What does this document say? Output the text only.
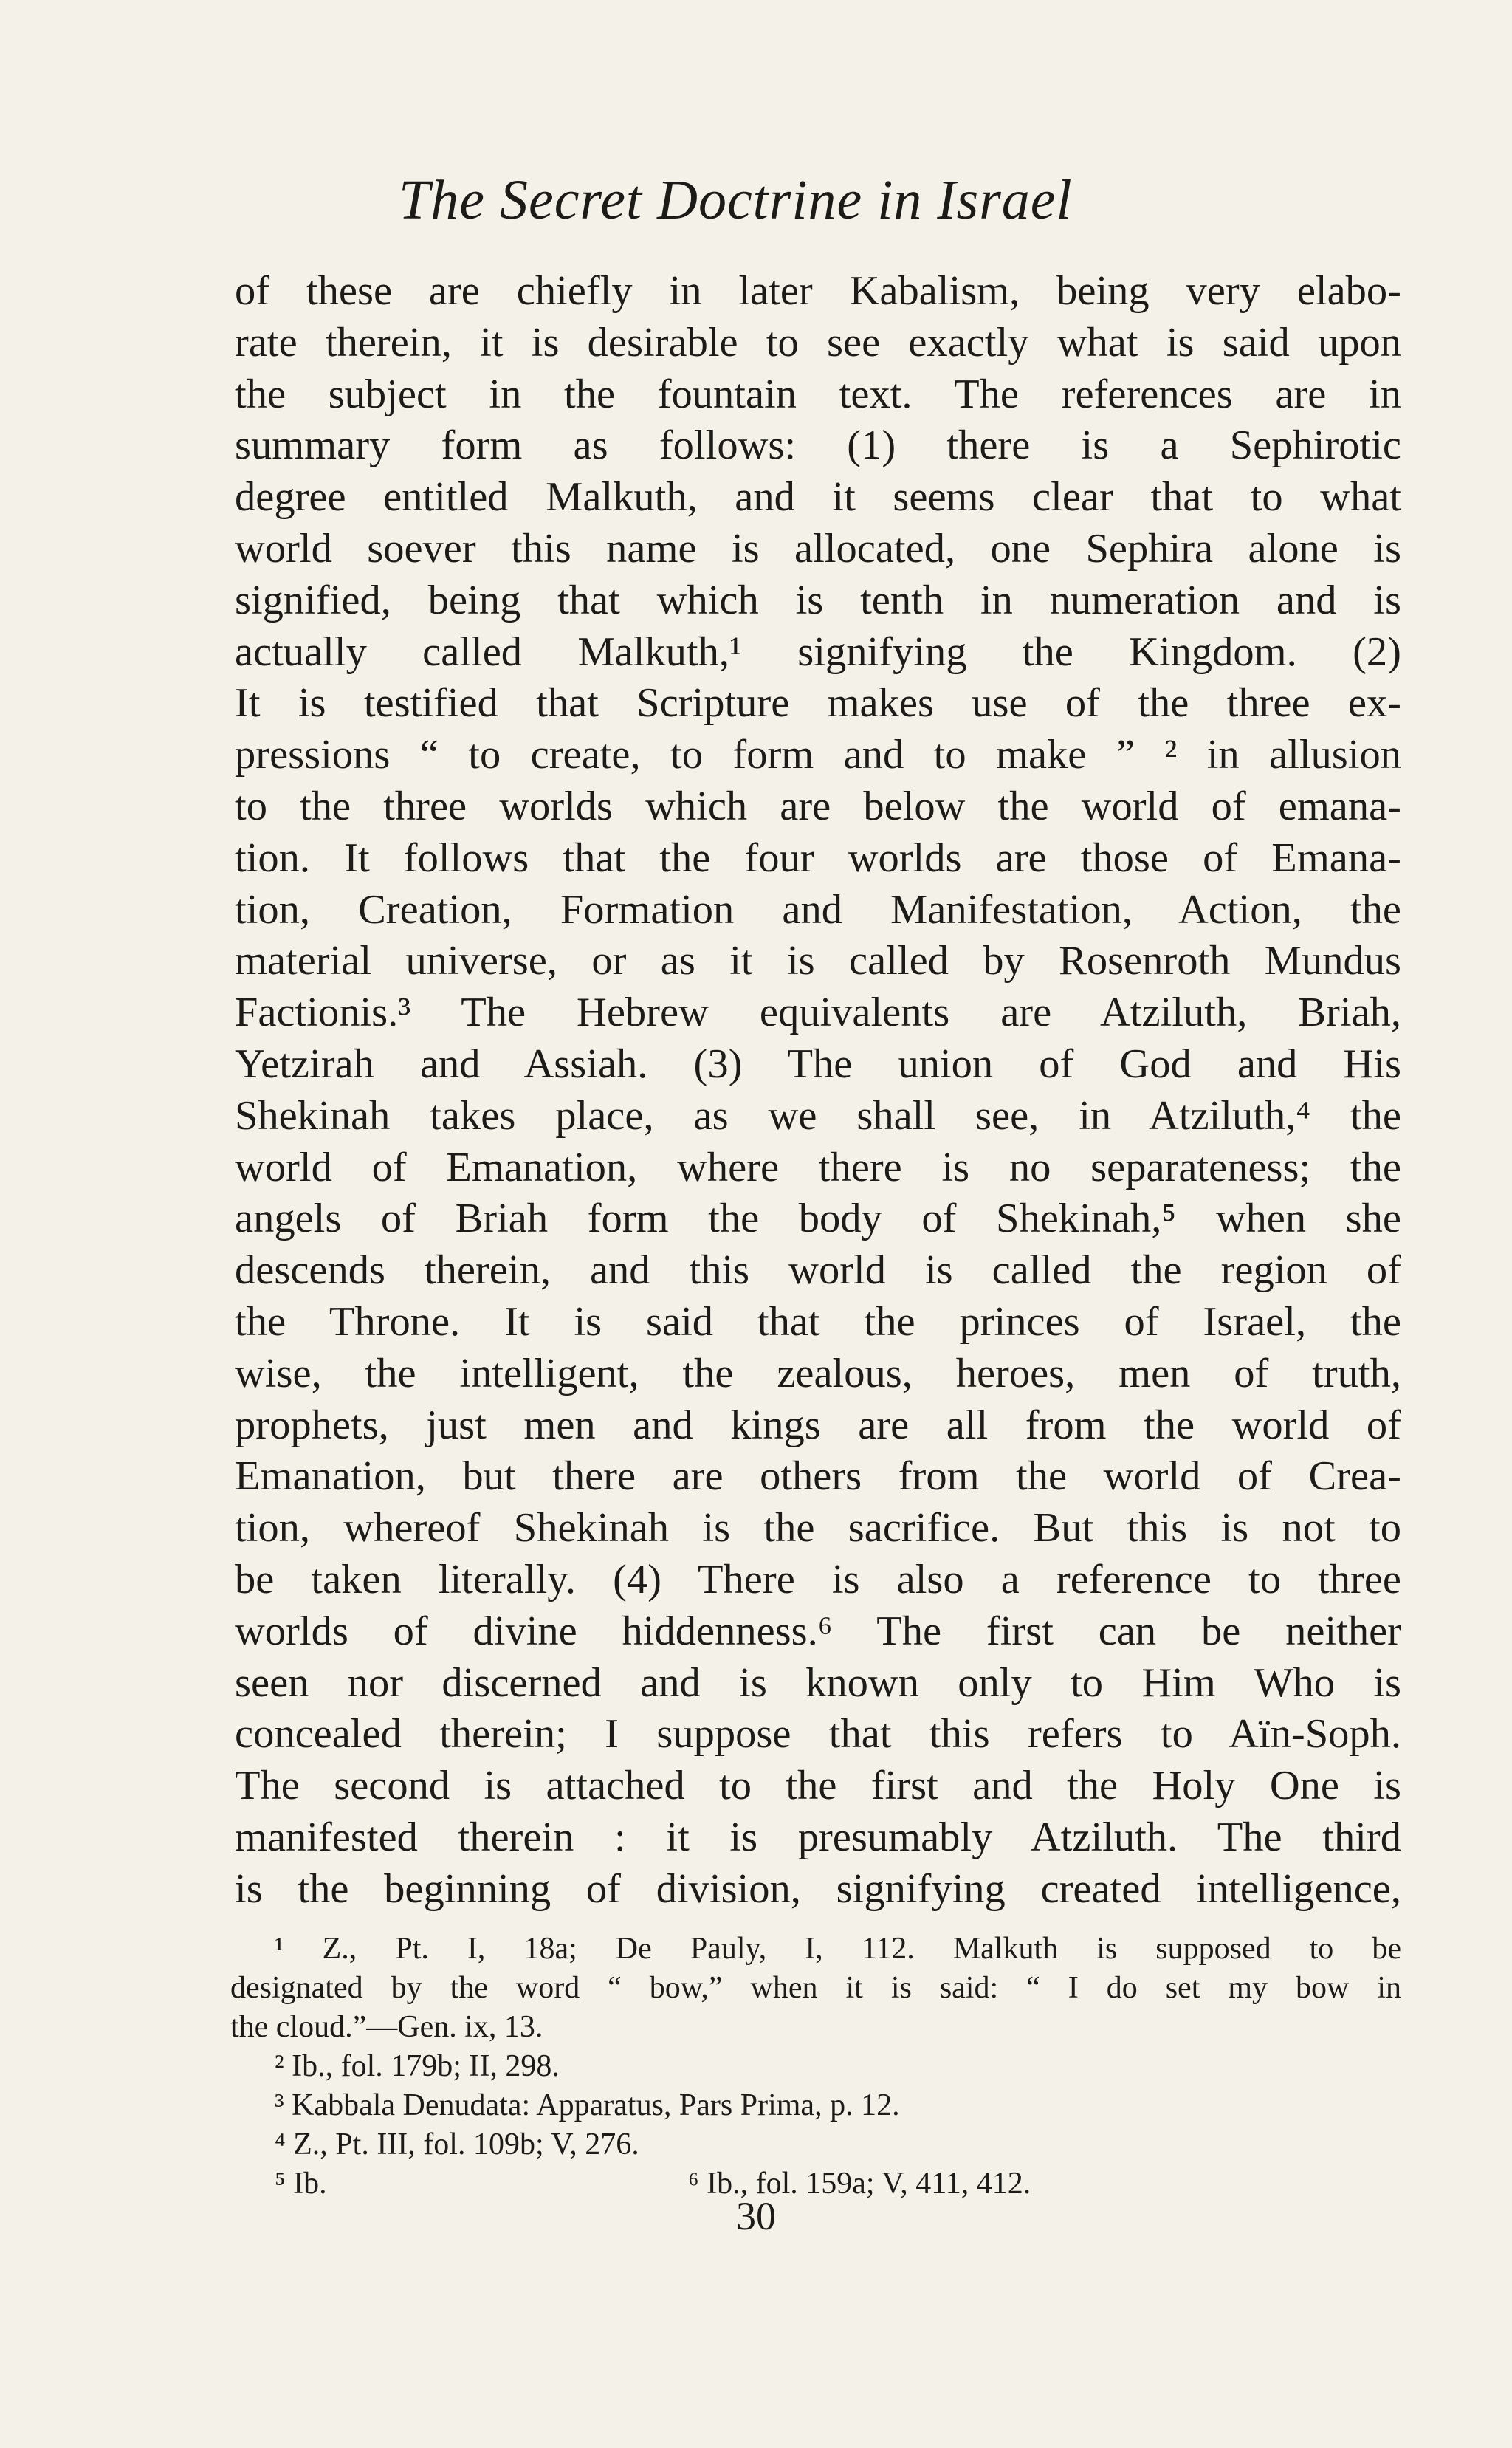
The Secret Doctrine in Israel
of these are chiefly in later Kabalism, being very elabo-
rate therein, it is desirable to see exactly what is said upon
the subject in the fountain text. The references are in
summary form as follows: (1) there is a Sephirotic
degree entitled Malkuth, and it seems clear that to what
world soever this name is allocated, one Sephira alone is
signified, being that which is tenth in numeration and is
actually called Malkuth,¹ signifying the Kingdom. (2)
It is testified that Scripture makes use of the three ex-
pressions “ to create, to form and to make ” ² in allusion
to the three worlds which are below the world of emana-
tion. It follows that the four worlds are those of Emana-
tion, Creation, Formation and Manifestation, Action, the
material universe, or as it is called by Rosenroth Mundus
Factionis.³ The Hebrew equivalents are Atziluth, Briah,
Yetzirah and Assiah. (3) The union of God and His
Shekinah takes place, as we shall see, in Atziluth,⁴ the
world of Emanation, where there is no separateness; the
angels of Briah form the body of Shekinah,⁵ when she
descends therein, and this world is called the region of
the Throne. It is said that the princes of Israel, the
wise, the intelligent, the zealous, heroes, men of truth,
prophets, just men and kings are all from the world of
Emanation, but there are others from the world of Crea-
tion, whereof Shekinah is the sacrifice. But this is not to
be taken literally. (4) There is also a reference to three
worlds of divine hiddenness.⁶ The first can be neither
seen nor discerned and is known only to Him Who is
concealed therein; I suppose that this refers to Aïn-Soph.
The second is attached to the first and the Holy One is
manifested therein : it is presumably Atziluth. The third
is the beginning of division, signifying created intelligence,
¹ Z., Pt. I, 18a; De Pauly, I, 112. Malkuth is supposed to be
designated by the word “ bow,” when it is said: “ I do set my bow in
the cloud.”—Gen. ix, 13.
² Ib., fol. 179b; II, 298.
³ Kabbala Denudata: Apparatus, Pars Prima, p. 12.
⁴ Z., Pt. III, fol. 109b; V, 276.
⁵ Ib.	⁶ Ib., fol. 159a; V, 411, 412.
30
